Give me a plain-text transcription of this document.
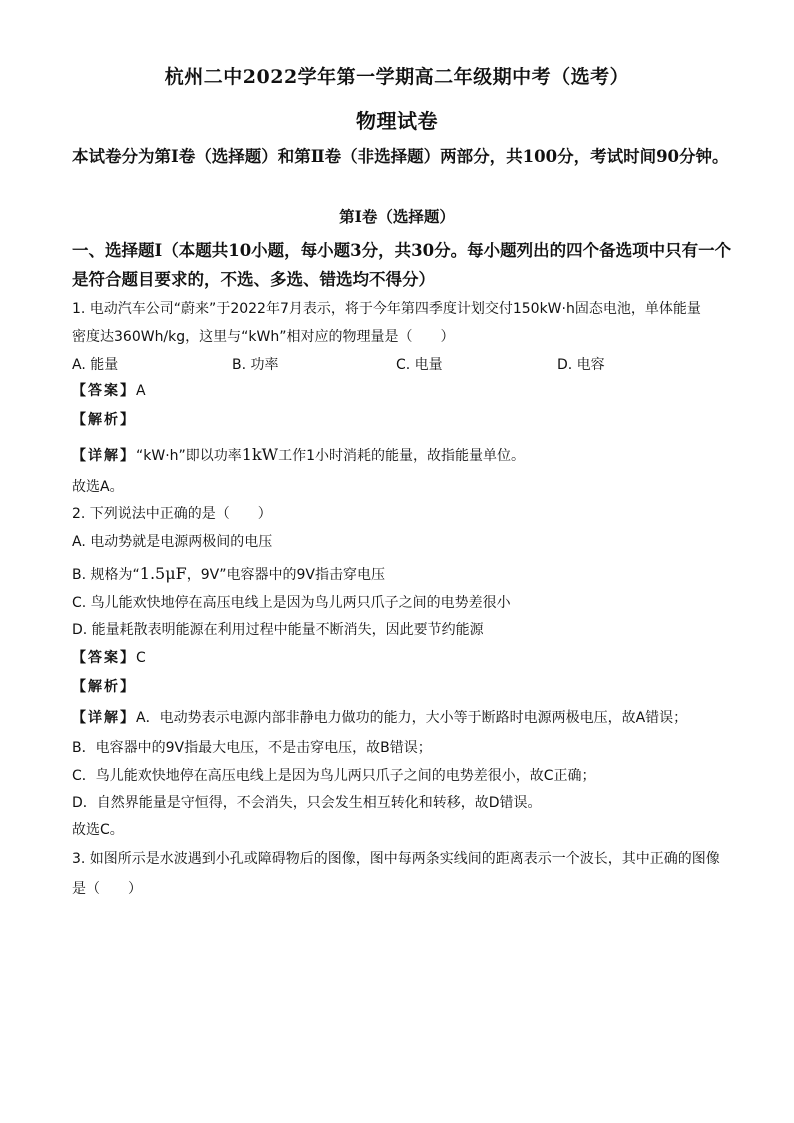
杭州二中2022学年第一学期高二年级期中考（选考）
物理试卷
本试卷分为第Ⅰ卷（选择题）和第Ⅱ卷（非选择题）两部分，共100分，考试时间90分钟。
第Ⅰ卷（选择题）
一、选择题Ⅰ（本题共10小题，每小题3分，共30分。每小题列出的四个备选项中只有一个是符合题目要求的，不选、多选、错选均不得分）
1. 电动汽车公司“蔚来”于2022年7月表示，将于今年第四季度计划交付150kW·h固态电池，单体能量
密度达360Wh/kg，这里与“kWh”相对应的物理量是（　　）
A. 能量	B. 功率	C. 电量	D. 电容
【答案】A
【解析】
【详解】“kW·h”即以功率1kW工作1小时消耗的能量，故指能量单位。
故选A。
2. 下列说法中正确的是（　　）
A. 电动势就是电源两极间的电压
B. 规格为“1.5μF，9V”电容器中的9V指击穿电压
C. 鸟儿能欢快地停在高压电线上是因为鸟儿两只爪子之间的电势差很小
D. 能量耗散表明能源在利用过程中能量不断消失，因此要节约能源
【答案】C
【解析】
【详解】A．电动势表示电源内部非静电力做功的能力，大小等于断路时电源两极电压，故A错误；
B．电容器中的9V指最大电压，不是击穿电压，故B错误；
C．鸟儿能欢快地停在高压电线上是因为鸟儿两只爪子之间的电势差很小，故C正确；
D．自然界能量是守恒得，不会消失，只会发生相互转化和转移，故D错误。
故选C。
3. 如图所示是水波遇到小孔或障碍物后的图像，图中每两条实线间的距离表示一个波长，其中正确的图像
是（　　）
